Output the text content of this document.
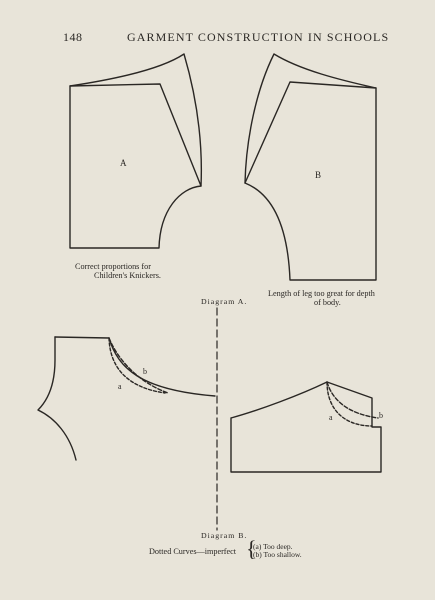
148	GARMENT CONSTRUCTION IN SCHOOLS
A
B
Correct proportions for
Children's Knickers.
Length of leg too great for depth
of body.
Diagram A.
b
a
b
a
Diagram B.
Dotted Curves—imperfect {
(a) Too deep.
(b) Too shallow.
